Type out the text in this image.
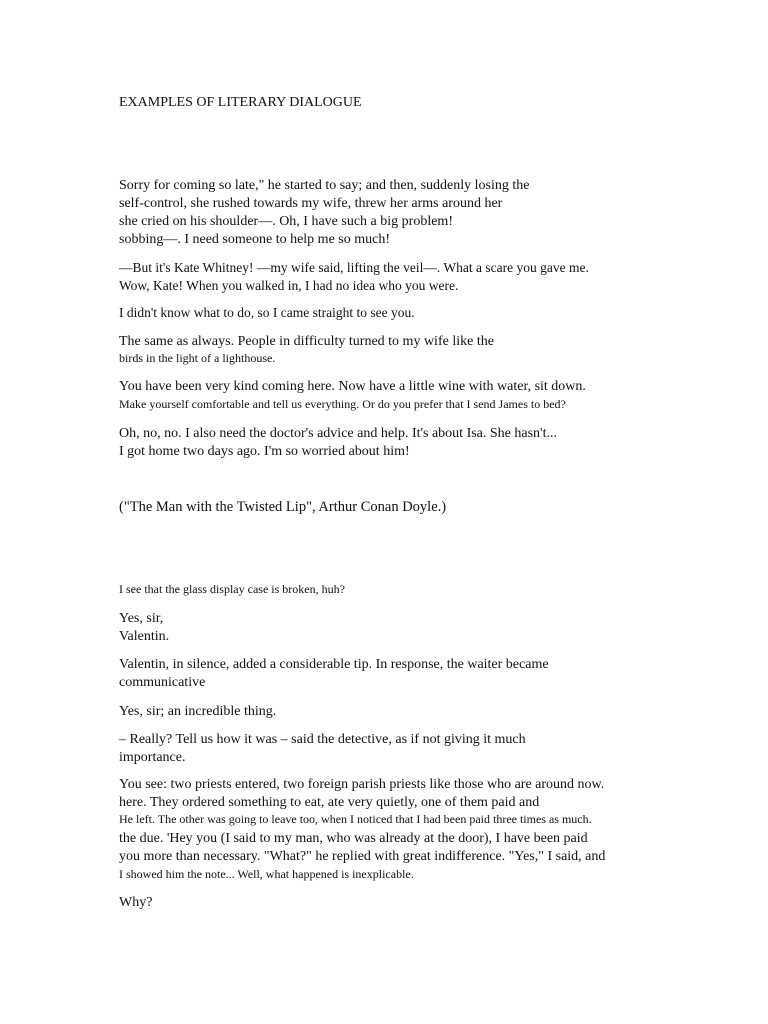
EXAMPLES OF LITERARY DIALOGUE
Sorry for coming so late," he started to say; and then, suddenly losing the
self-control, she rushed towards my wife, threw her arms around her
she cried on his shoulder—. Oh, I have such a big problem!
sobbing—. I need someone to help me so much!
—But it's Kate Whitney! —my wife said, lifting the veil—. What a scare you gave me.
Wow, Kate! When you walked in, I had no idea who you were.
I didn't know what to do, so I came straight to see you.
The same as always. People in difficulty turned to my wife like the
birds in the light of a lighthouse.
You have been very kind coming here. Now have a little wine with water, sit down.
Make yourself comfortable and tell us everything. Or do you prefer that I send James to bed?
Oh, no, no. I also need the doctor's advice and help. It's about Isa. She hasn't...
I got home two days ago. I'm so worried about him!
("The Man with the Twisted Lip", Arthur Conan Doyle.)
I see that the glass display case is broken, huh?
Yes, sir,
Valentin.
Valentin, in silence, added a considerable tip. In response, the waiter became
communicative
Yes, sir; an incredible thing.
– Really? Tell us how it was – said the detective, as if not giving it much
importance.
You see: two priests entered, two foreign parish priests like those who are around now.
here. They ordered something to eat, ate very quietly, one of them paid and
He left. The other was going to leave too, when I noticed that I had been paid three times as much.
the due. 'Hey you (I said to my man, who was already at the door), I have been paid
you more than necessary. "What?" he replied with great indifference. "Yes," I said, and
I showed him the note... Well, what happened is inexplicable.
Why?
